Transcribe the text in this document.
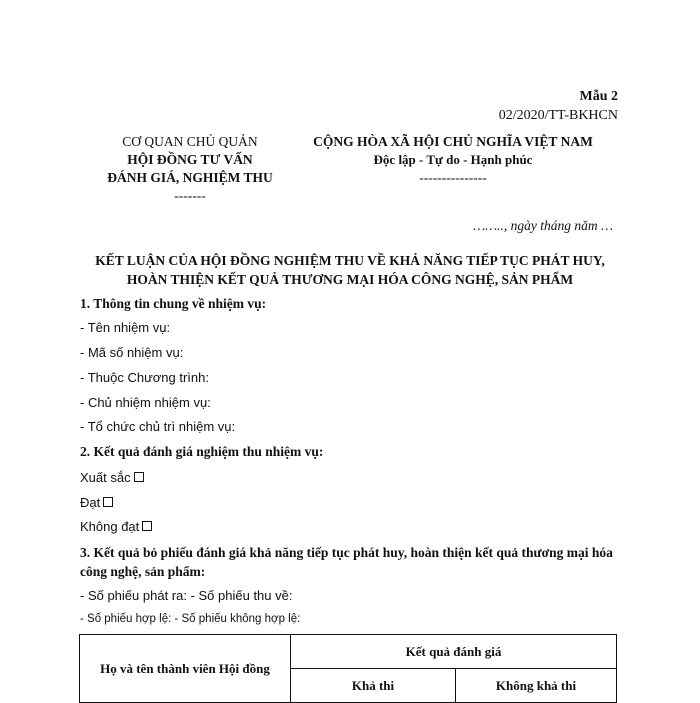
Mẫu 2
02/2020/TT-BKHCN
CƠ QUAN CHỦ QUẢN
HỘI ĐỒNG TƯ VẤN
ĐÁNH GIÁ, NGHIỆM THU
-------
CỘNG HÒA XÃ HỘI CHỦ NGHĨA VIỆT NAM
Độc lập - Tự do - Hạnh phúc
---------------
…….., ngày tháng năm …
KẾT LUẬN CỦA HỘI ĐỒNG NGHIỆM THU VỀ KHẢ NĂNG TIẾP TỤC PHÁT HUY,
HOÀN THIỆN KẾT QUẢ THƯƠNG MẠI HÓA CÔNG NGHỆ, SẢN PHẨM
1. Thông tin chung về nhiệm vụ:
- Tên nhiệm vụ:
- Mã số nhiệm vụ:
- Thuộc Chương trình:
- Chủ nhiệm nhiệm vụ:
- Tổ chức chủ trì nhiệm vụ:
2. Kết quả đánh giá nghiệm thu nhiệm vụ:
Xuất sắc
Đạt
Không đạt
3. Kết quả bỏ phiếu đánh giá khả năng tiếp tục phát huy, hoàn thiện kết quả thương mại hóa công nghệ, sản phẩm:
- Số phiếu phát ra: - Số phiếu thu về:
- Số phiếu hợp lệ: - Số phiếu không hợp lệ:
Họ và tên thành viên Hội đồng	Kết quả đánh giá	
	Khả thi	Không khả thi
